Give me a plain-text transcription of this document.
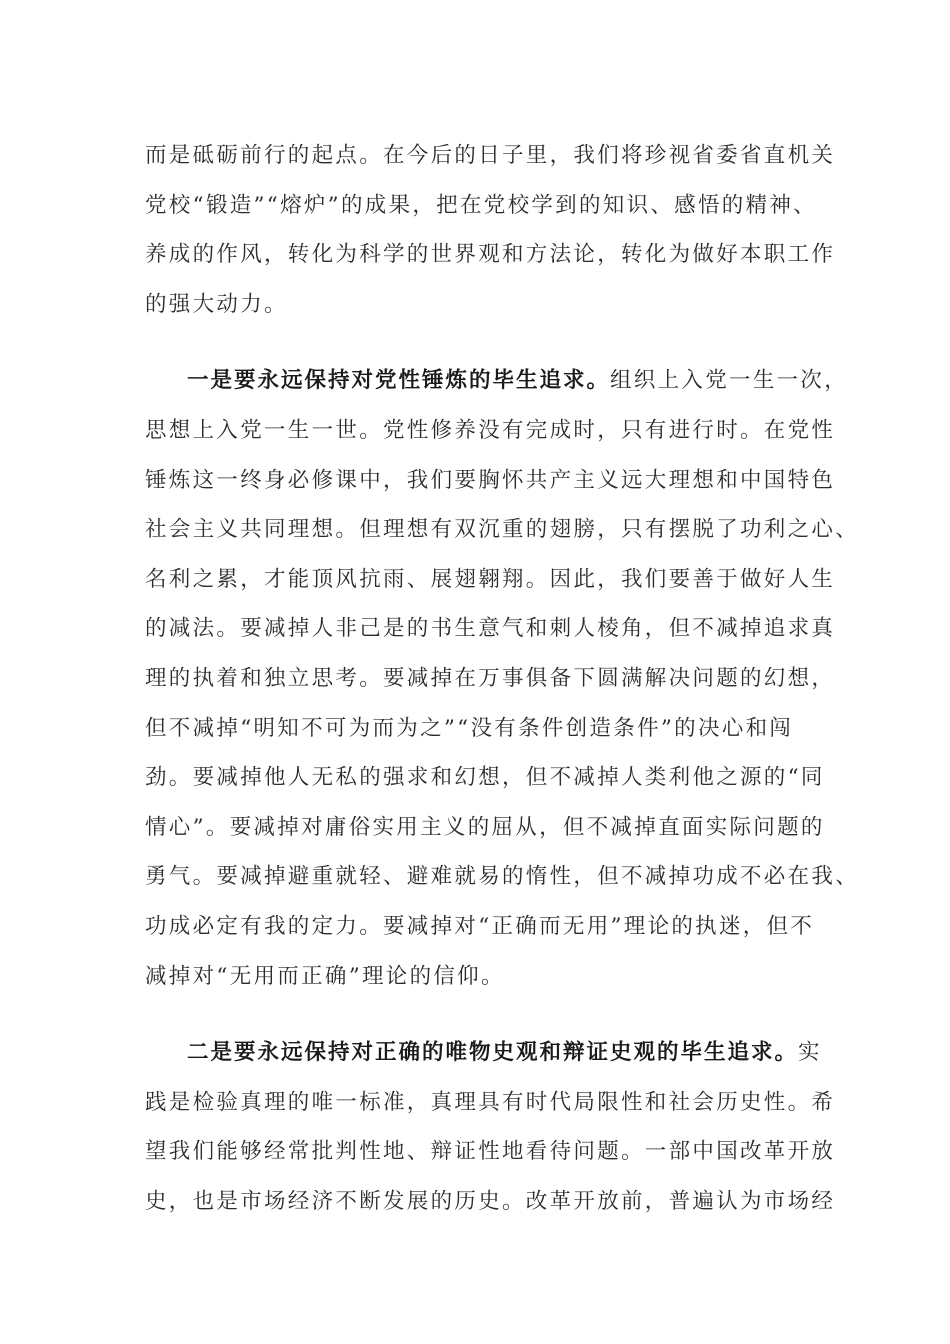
而是砥砺前行的起点。在今后的日子里，我们将珍视省委省直机关
党校“锻造”“熔炉”的成果，把在党校学到的知识、感悟的精神、
养成的作风，转化为科学的世界观和方法论，转化为做好本职工作
的强大动力。
一是要永远保持对党性锤炼的毕生追求。组织上入党一生一次，
思想上入党一生一世。党性修养没有完成时，只有进行时。在党性
锤炼这一终身必修课中，我们要胸怀共产主义远大理想和中国特色
社会主义共同理想。但理想有双沉重的翅膀，只有摆脱了功利之心、
名利之累，才能顶风抗雨、展翅翱翔。因此，我们要善于做好人生
的减法。要减掉人非己是的书生意气和刺人棱角，但不减掉追求真
理的执着和独立思考。要减掉在万事俱备下圆满解决问题的幻想，
但不减掉“明知不可为而为之”“没有条件创造条件”的决心和闯
劲。要减掉他人无私的强求和幻想，但不减掉人类利他之源的“同
情心”。要减掉对庸俗实用主义的屈从，但不减掉直面实际问题的
勇气。要减掉避重就轻、避难就易的惰性，但不减掉功成不必在我、
功成必定有我的定力。要减掉对“正确而无用”理论的执迷，但不
减掉对“无用而正确”理论的信仰。
二是要永远保持对正确的唯物史观和辩证史观的毕生追求。实
践是检验真理的唯一标准，真理具有时代局限性和社会历史性。希
望我们能够经常批判性地、辩证性地看待问题。一部中国改革开放
史，也是市场经济不断发展的历史。改革开放前，普遍认为市场经
